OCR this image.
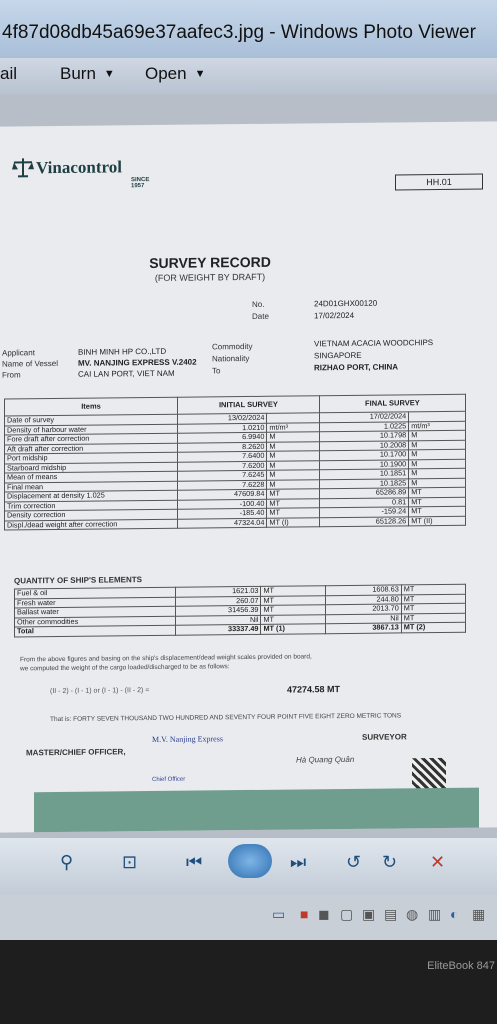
4f87d08db45a69e37aafec3.jpg - Windows Photo Viewer
ail	Burn ▼ Open ▼
Vinacontrol
SINCE 1957	HH.01
SURVEY RECORD
(FOR WEIGHT BY DRAFT)
No.	24D01GHX00120
Date	17/02/2024
Applicant	BINH MINH HP CO.,LTD
Name of Vessel MV. NANJING EXPRESS V.2402
From	CAI LAN PORT, VIET NAM
Commodity	VIETNAM ACACIA WOODCHIPS
Nationality	SINGAPORE
To	RIZHAO PORT, CHINA
Items	INITIAL SURVEY		FINAL SURVEY	
Date of survey	13/02/2024		17/02/2024	
Density of harbour water	1.0210	mt/m³	1.0225	mt/m³
Fore draft after correction	6.9940	M	10.1798	M
Aft draft after correction	8.2620	M	10.2008	M
Port midship	7.6400	M	10.1700	M
Starboard midship	7.6200	M	10.1900	M
Mean of means	7.6245	M	10.1851	M
Final mean	7.6228	M	10.1825	M
Displacement at density 1.025	47609.84	MT	65286.89	MT
Trim correction	-100.40	MT	0.81	MT
Density correction	-185.40	MT	-159.24	MT
Displ./dead weight after correction	47324.04	MT (I)	65128.26	MT (II)
QUANTITY OF SHIP'S ELEMENTS
Fuel & oil	1621.03	MT	1608.63	MT
Fresh water	260.07	MT	244.80	MT
Ballast water	31456.39	MT	2013.70	MT
Other commodities	Nil	MT	Nil	MT
Total	33337.49	MT (1)	3867.13	MT (2)
From the above figures and basing on the ship's displacement/dead weight scales provided on board,
we computed the weight of the cargo loaded/discharged to be as follows:
(II - 2) - (I - 1) or (I - 1) - (II - 2) =	47274.58 MT
That is: FORTY SEVEN THOUSAND TWO HUNDRED AND SEVENTY FOUR POINT FIVE EIGHT ZERO METRIC TONS
MASTER/CHIEF OFFICER,
M.V. Nanjing Express
Chief Officer
SURVEYOR
Hà Quang Quân
⚲	⊡	⏮	⏭ ↺ ↻ ✕
▭ ■ ◼ ▢ ▣ ▤ ◍ ▥ ◐ ▦
EliteBook 847
